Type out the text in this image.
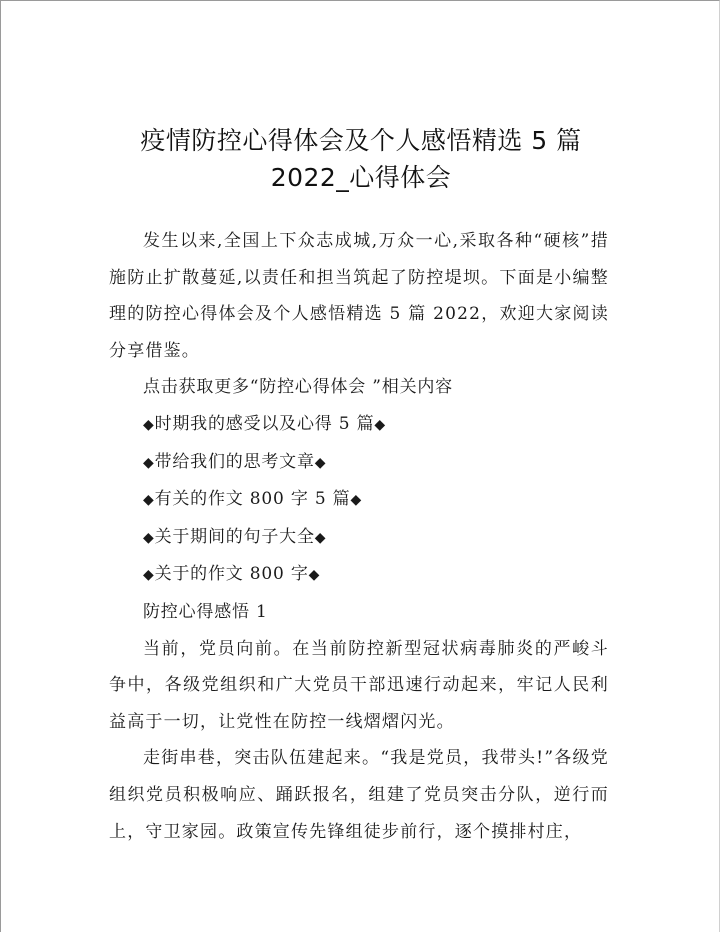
疫情防控心得体会及个人感悟精选 5 篇
2022_心得体会

发生以来,全国上下众志成城,万众一心,采取各种“硬核”措施防止扩散蔓延,以责任和担当筑起了防控堤坝。下面是小编整理的防控心得体会及个人感悟精选 5 篇 2022，欢迎大家阅读分享借鉴。

点击获取更多“防控心得体会 ”相关内容

◆时期我的感受以及心得 5 篇◆

◆带给我们的思考文章◆

◆有关的作文 800 字 5 篇◆

◆关于期间的句子大全◆

◆关于的作文 800 字◆

防控心得感悟 1

当前，党员向前。在当前防控新型冠状病毒肺炎的严峻斗争中，各级党组织和广大党员干部迅速行动起来，牢记人民利益高于一切，让党性在防控一线熠熠闪光。

走街串巷，突击队伍建起来。“我是党员，我带头!”各级党组织党员积极响应、踊跃报名，组建了党员突击分队，逆行而上，守卫家园。政策宣传先锋组徒步前行，逐个摸排村庄，
